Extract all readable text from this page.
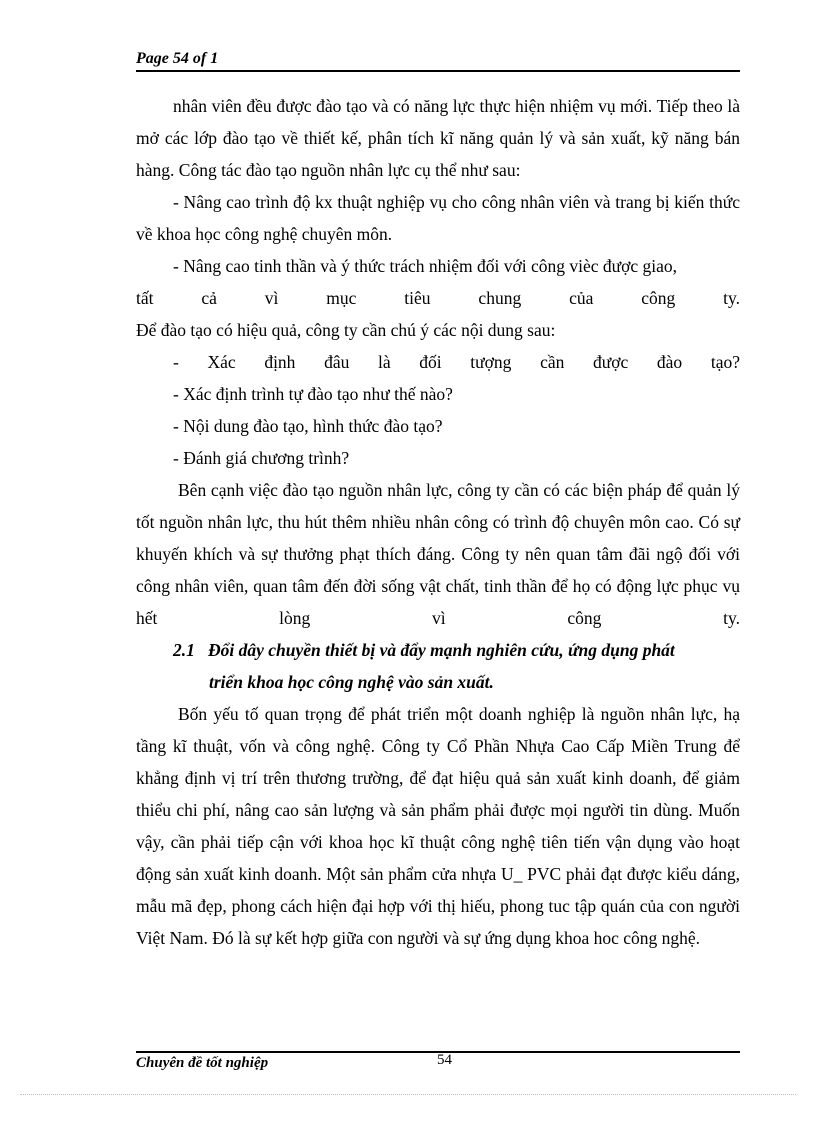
Page 54 of 1

nhân viên đều được đào tạo và có năng lực thực hiện nhiệm vụ mới. Tiếp theo là mở các lớp đào tạo về thiết kế, phân tích kĩ năng quản lý và sản xuất, kỹ năng bán hàng. Công tác đào tạo nguồn nhân lực cụ thể như sau:

- Nâng cao trình độ kx thuật nghiệp vụ cho công nhân viên và trang bị kiến thức về khoa học công nghệ chuyên môn.

- Nâng cao tinh thần và ý thức trách nhiệm đối với công vièc được giao,

tất cả vì mục tiêu chung của công ty.

Để đào tạo có hiệu quả, công ty cần chú ý các nội dung sau:

- Xác định đâu là đối tượng cần được đào tạo?

- Xác định trình tự đào tạo như thế nào?

- Nội dung đào tạo, hình thức đào tạo?

- Đánh giá chương trình?

Bên cạnh việc đào tạo nguồn nhân lực, công ty cần có các biện pháp để quản lý tốt nguồn nhân lực, thu hút thêm nhiều nhân công có trình độ chuyên môn cao. Có sự khuyến khích và sự thưởng phạt thích đáng. Công ty nên quan tâm đãi ngộ đối với công nhân viên, quan tâm đến đời sống vật chất, tinh thần để họ có động lực phục vụ hết lòng vì công ty.

2.1 Đổi dây chuyền thiết bị và đẩy mạnh nghiên cứu, ứng dụng phát
triển khoa học công nghệ vào sản xuất.

Bốn yếu tố quan trọng để phát triển một doanh nghiệp là nguồn nhân lực, hạ tầng kĩ thuật, vốn và công nghệ. Công ty Cổ Phần Nhựa Cao Cấp Miền Trung để khẳng định vị trí trên thương trường, để đạt hiệu quả sản xuất kinh doanh, để giảm thiểu chi phí, nâng cao sản lượng và sản phẩm phải được mọi người tin dùng. Muốn vậy, cần phải tiếp cận với khoa học kĩ thuật công nghệ tiên tiến vận dụng vào hoạt động sản xuất kinh doanh. Một sản phẩm cửa nhựa U_ PVC phải đạt được kiểu dáng, mẫu mã đẹp, phong cách hiện đại hợp với thị hiếu, phong tuc tập quán của con người Việt Nam. Đó là sự kết hợp giữa con người và sự ứng dụng khoa hoc công nghệ.

Chuyên đề tốt nghiệp	54
